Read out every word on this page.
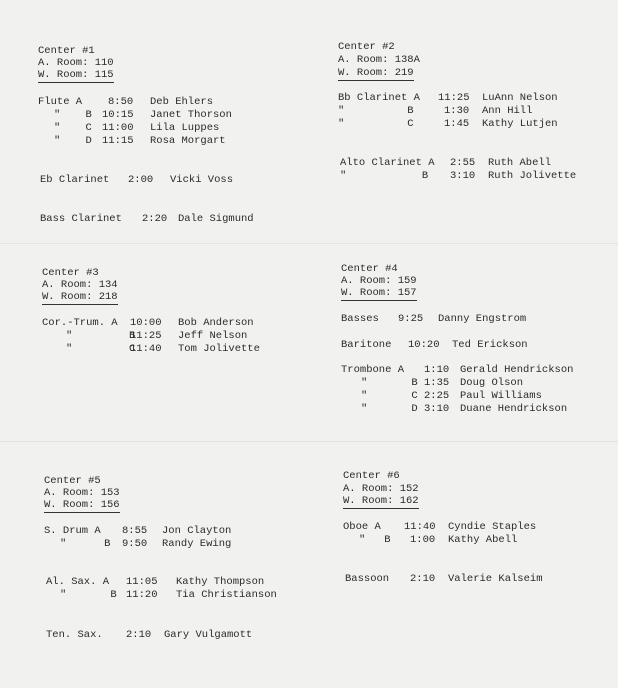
Center #1
A. Room: 110
W. Room: 115
Flute A 8:50 Deb Ehlers
"    B 10:15 Janet Thorson
"    C 11:00 Lila Luppes
"    D 11:15 Rosa Morgart
Eb Clarinet 2:00 Vicki Voss
Bass Clarinet 2:20 Dale Sigmund
Center #2
A. Room: 138A
W. Room: 219
Bb Clarinet A 11:25 LuAnn Nelson
"          B	1:30 Ann Hill
"          C	1:45 Kathy Lutjen
Alto Clarinet A 2:55 Ruth Abell
"            B 3:10 Ruth Jolivette
Center #3
A. Room: 134
W. Room: 218
Cor.-Trum. A 10:00 Bob Anderson
"         B
11:25 Jeff Nelson
"         C
11:40 Tom Jolivette
Center #4
A. Room: 159
W. Room: 157
Basses 9:25 Danny Engstrom
Baritone 10:20 Ted Erickson
Trombone A 1:10 Gerald Hendrickson
"       B 1:35 Doug Olson
"       C 2:25 Paul Williams
"       D 3:10 Duane Hendrickson
Center #5
A. Room: 153
W. Room: 156
S. Drum A 8:55 Jon Clayton
"      B 9:50 Randy Ewing
Al. Sax. A 11:05 Kathy Thompson
"       B 11:20 Tia Christianson
Ten. Sax. 2:10 Gary Vulgamott
Center #6
A. Room: 152
W. Room: 162
Oboe A 11:40 Cyndie Staples
"   B 1:00 Kathy Abell
Bassoon 2:10 Valerie Kalseim
